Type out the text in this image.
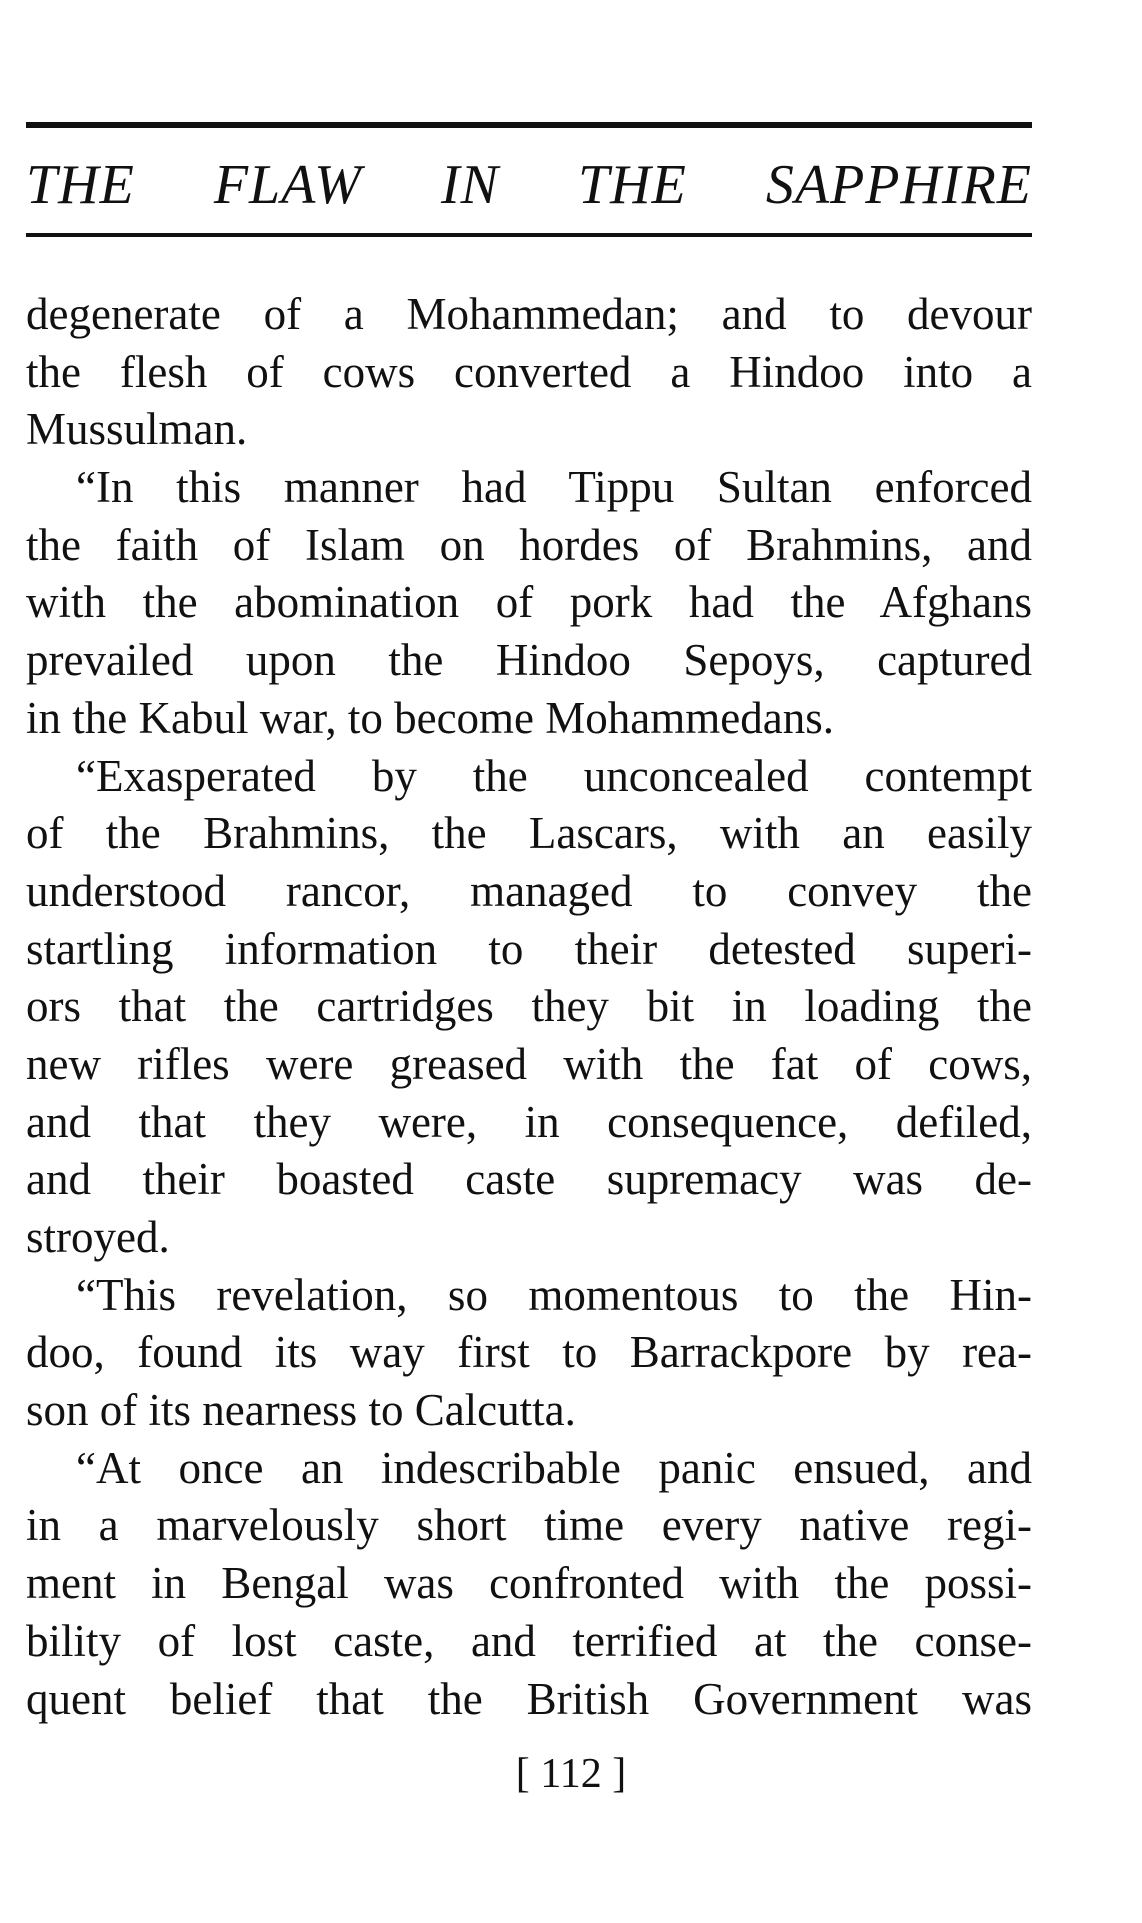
THE FLAW IN THE SAPPHIRE
degenerate of a Mohammedan; and to devour
the flesh of cows converted a Hindoo into a
Mussulman.
“In this manner had Tippu Sultan enforced
the faith of Islam on hordes of Brahmins, and
with the abomination of pork had the Afghans
prevailed upon the Hindoo Sepoys, captured
in the Kabul war, to become Mohammedans.
“Exasperated by the unconcealed contempt
of the Brahmins, the Lascars, with an easily
understood rancor, managed to convey the
startling information to their detested superi-
ors that the cartridges they bit in loading the
new rifles were greased with the fat of cows,
and that they were, in consequence, defiled,
and their boasted caste supremacy was de-
stroyed.
“This revelation, so momentous to the Hin-
doo, found its way first to Barrackpore by rea-
son of its nearness to Calcutta.
“At once an indescribable panic ensued, and
in a marvelously short time every native regi-
ment in Bengal was confronted with the possi-
bility of lost caste, and terrified at the conse-
quent belief that the British Government was

[ 112 ]
